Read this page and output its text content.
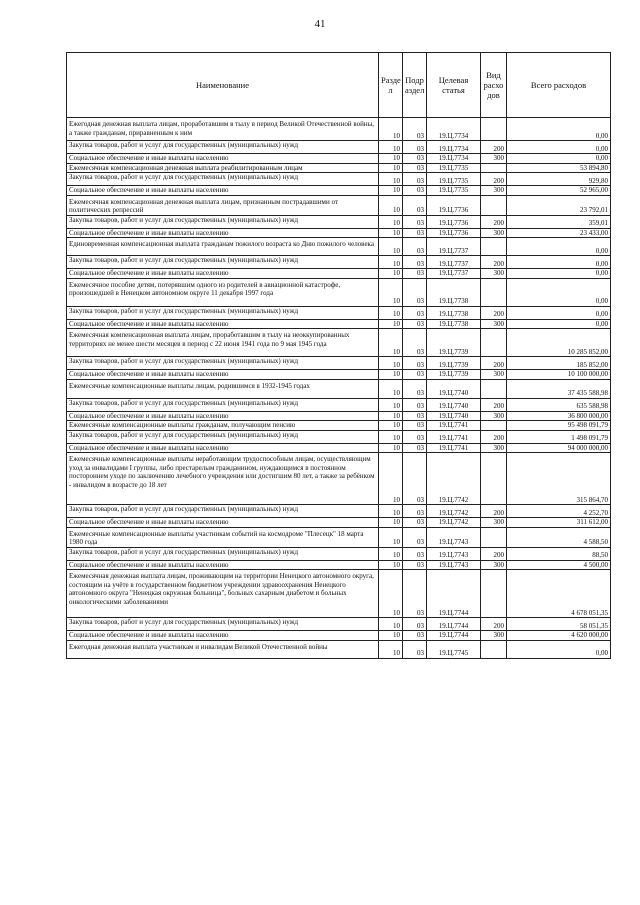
41
Наименование	Разде л	Подр аздел	Целевая статья	Вид расхо дов	Всего расходов
Ежегодная денежная выплата лицам, проработавшим в тылу в период Великой Отечественной войны, а также гражданам, приравненным к ним	10	03	19.Ц.7734		0,00
Закупка товаров, работ и услуг для государственных (муниципальных) нужд	10	03	19.Ц.7734	200	0,00
Социальное обеспечение и иные выплаты населению	10	03	19.Ц.7734	300	0,00
Ежемесячная компенсационная денежная выплата реабилитированным лицам	10	03	19.Ц.7735		53 894,80
Закупка товаров, работ и услуг для государственных (муниципальных) нужд	10	03	19.Ц.7735	200	929,80
Социальное обеспечение и иные выплаты населению	10	03	19.Ц.7735	300	52 965,00
Ежемесячная компенсационная денежная выплата лицам, признанным пострадавшими от политических репрессий	10	03	19.Ц.7736		23 792,01
Закупка товаров, работ и услуг для государственных (муниципальных) нужд	10	03	19.Ц.7736	200	359,01
Социальное обеспечение и иные выплаты населению	10	03	19.Ц.7736	300	23 433,00
Единовременная компенсационная выплата гражданам пожилого возраста ко Дню пожилого человека	10	03	19.Ц.7737		0,00
Закупка товаров, работ и услуг для государственных (муниципальных) нужд	10	03	19.Ц.7737	200	0,00
Социальное обеспечение и иные выплаты населению	10	03	19.Ц.7737	300	0,00
Ежемесячное пособие детям, потерявшим одного из родителей в авиационной катастрофе, произошедшей в Ненецком автономном округе 11 декабря 1997 года	10	03	19.Ц.7738		0,00
Закупка товаров, работ и услуг для государственных (муниципальных) нужд	10	03	19.Ц.7738	200	0,00
Социальное обеспечение и иные выплаты населению	10	03	19.Ц.7738	300	0,00
Ежемесячная компенсационная выплата лицам, проработавшим в тылу на неоккупированных территориях не менее шести месяцев в период с 22 июня 1941 года по 9 мая 1945 года	10	03	19.Ц.7739		10 285 852,00
Закупка товаров, работ и услуг для государственных (муниципальных) нужд	10	03	19.Ц.7739	200	185 852,00
Социальное обеспечение и иные выплаты населению	10	03	19.Ц.7739	300	10 100 000,00
Ежемесячные компенсационные выплаты лицам, родившимся в 1932-1945 годах	10	03	19.Ц.7740		37 435 588,98
Закупка товаров, работ и услуг для государственных (муниципальных) нужд	10	03	19.Ц.7740	200	635 588,98
Социальное обеспечение и иные выплаты населению	10	03	19.Ц.7740	300	36 800 000,00
Ежемесячные компенсационные выплаты гражданам, получающим пенсию	10	03	19.Ц.7741		95 498 091,79
Закупка товаров, работ и услуг для государственных (муниципальных) нужд	10	03	19.Ц.7741	200	1 498 091,79
Социальное обеспечение и иные выплаты населению	10	03	19.Ц.7741	300	94 000 000,00
Ежемесячные компенсационные выплаты неработающим трудоспособным лицам, осуществляющим уход за инвалидами I группы, либо престарелым гражданином, нуждающимся в постоянном постороннем уходе по заключению лечебного учреждения или достигшим 80 лет, а также за ребёнком - инвалидом в возрасте до 18 лет	10	03	19.Ц.7742		315 864,70
Закупка товаров, работ и услуг для государственных (муниципальных) нужд	10	03	19.Ц.7742	200	4 252,70
Социальное обеспечение и иные выплаты населению	10	03	19.Ц.7742	300	311 612,00
Ежемесячные компенсационные выплаты участникам событий на космодроме "Плесецк" 18 марта 1980 года	10	03	19.Ц.7743		4 588,50
Закупка товаров, работ и услуг для государственных (муниципальных) нужд	10	03	19.Ц.7743	200	88,50
Социальное обеспечение и иные выплаты населению	10	03	19.Ц.7743	300	4 500,00
Ежемесячная денежная выплата лицам, проживающим на территории Ненецкого автономного округа, состоящим на учёте в государственном бюджетном учреждении здравоохранения Ненецкого автономного округа "Ненецкая окружная больница", больных сахарным диабетом и больных онкологическими заболеваниями	10	03	19.Ц.7744		4 678 051,35
Закупка товаров, работ и услуг для государственных (муниципальных) нужд	10	03	19.Ц.7744	200	58 051,35
Социальное обеспечение и иные выплаты населению	10	03	19.Ц.7744	300	4 620 000,00
Ежегодная денежная выплата участникам и инвалидам Великой Отечественной войны	10	03	19.Ц.7745		0,00
